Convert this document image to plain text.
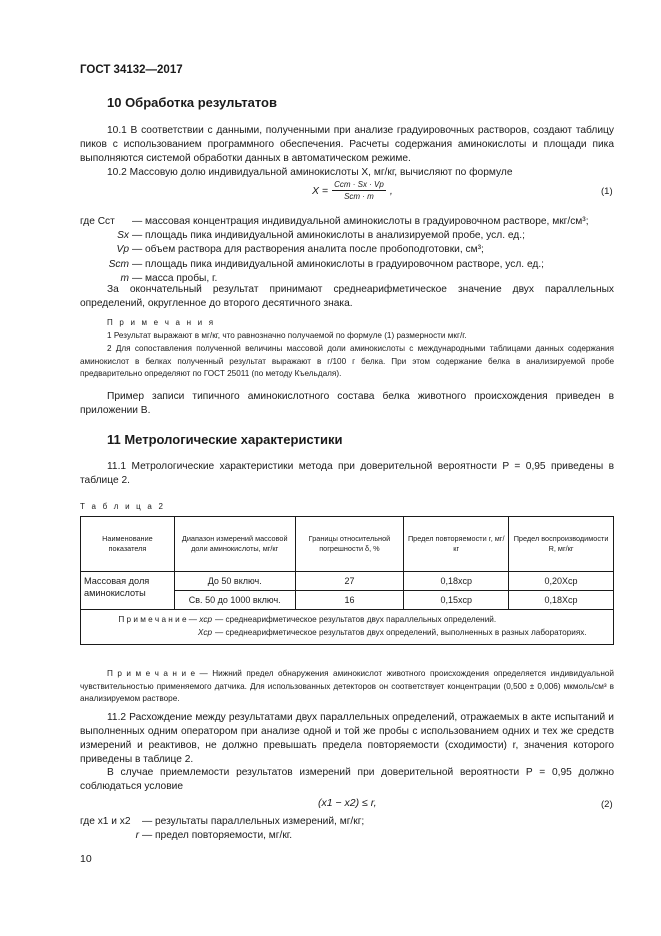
ГОСТ 34132—2017
10 Обработка результатов
10.1 В соответствии с данными, полученными при анализе градуировочных растворов, создают таблицу пиков с использованием программного обеспечения. Расчеты содержания аминокислоты и площади пика выполняются системой обработки данных в автоматическом режиме.
10.2 Массовую долю индивидуальной аминокислоты X, мг/кг, вычисляют по формуле
$X = \frac{\text{Cст · Sх · Vр}}{\text{Sст · m}}$ ,	(1)
где Cст	— массовая концентрация индивидуальной аминокислоты в градуировочном растворе, мкг/см³;
Sх — площадь пика индивидуальной аминокислоты в анализируемой пробе, усл. ед.;
Vр — объем раствора для растворения аналита после пробоподготовки, см³;
Sст — площадь пика индивидуальной аминокислоты в градуировочном растворе, усл. ед.;
m — масса пробы, г.
За окончательный результат принимают среднеарифметическое значение двух параллельных определений, округленное до второго десятичного знака.
П р и м е ч а н и я
1 Результат выражают в мг/кг, что равнозначно получаемой по формуле (1) размерности мкг/г.
2 Для сопоставления полученной величины массовой доли аминокислоты с международными таблицами данных содержания аминокислот в белках полученный результат выражают в г/100 г белка. При этом содержание белка в анализируемой пробе предварительно определяют по ГОСТ 25011 (по методу Къельдаля).
Пример записи типичного аминокислотного состава белка животного происхождения приведен в приложении В.
11 Метрологические характеристики
11.1 Метрологические характеристики метода при доверительной вероятности P = 0,95 приведены в таблице 2.
Т а б л и ц а 2
Наименование показателя	Диапазон измерений массовой доли аминокислоты, мг/кг	Границы относительной погрешности δ, %	Предел повторяемости r, мг/кг	Предел воспроизводимости R, мг/кг
Массовая доля аминокислоты	До 50 включ.	27	0,18xср	0,20Xср
	Св. 50 до 1000 включ.	16	0,15xср	0,18Xср

П р и м е ч а н и е — xср — среднеарифметическое результатов двух параллельных определений.
Xср — среднеарифметическое результатов двух определений, выполненных в разных лабораториях.				
П р и м е ч а н и е — Нижний предел обнаружения аминокислот животного происхождения определяется индивидуальной чувствительностью применяемого датчика. Для использованных детекторов он соответствует концентрации (0,500 ± 0,006) мкмоль/см³ в анализируемом растворе.
11.2 Расхождение между результатами двух параллельных определений, отражаемых в акте испытаний и выполненных одним оператором при анализе одной и той же пробы с использованием одних и тех же средств измерений и реактивов, не должно превышать предела повторяемости (сходимости) r, значения которого приведены в таблице 2.
В случае приемлемости результатов измерений при доверительной вероятности P = 0,95 должно соблюдаться условие
(x1 − x2) ≤ r,	(2)
где x1 и x2	— результаты параллельных измерений, мг/кг;
r — предел повторяемости, мг/кг.
10
